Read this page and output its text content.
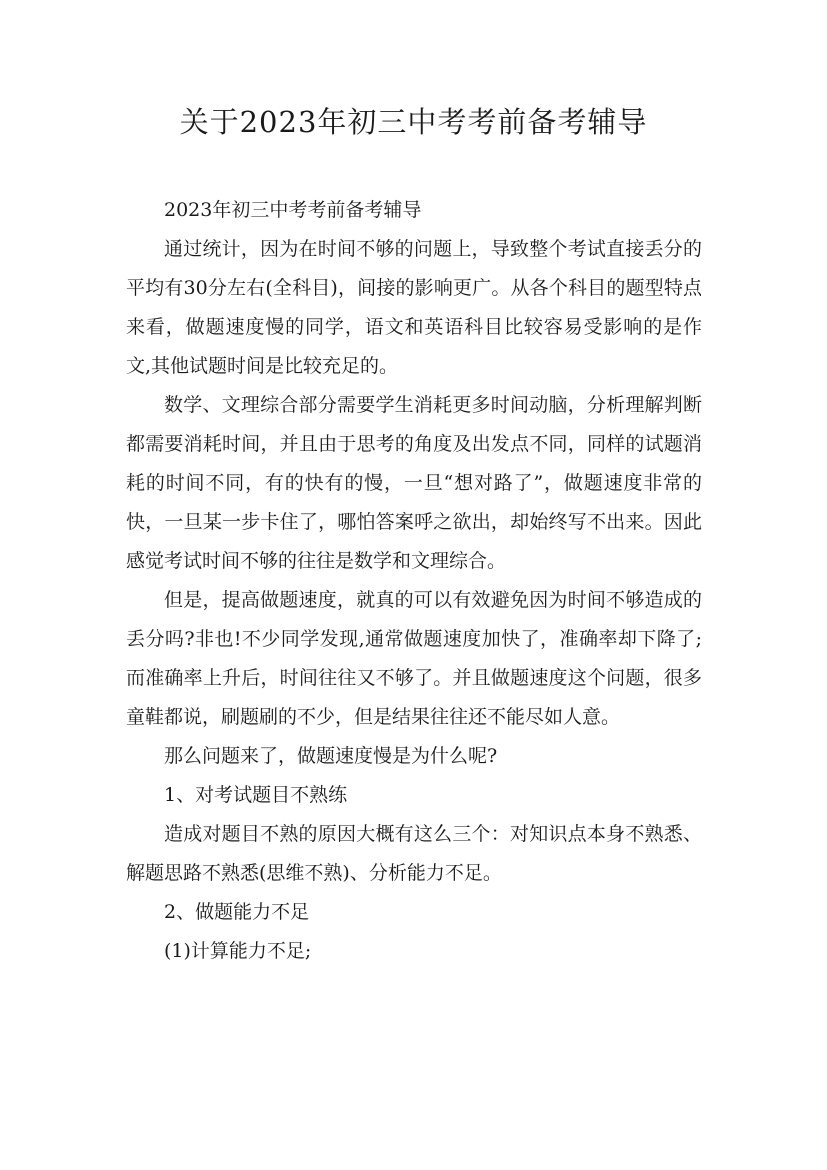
关于2023年初三中考考前备考辅导

2023年初三中考考前备考辅导

通过统计，因为在时间不够的问题上，导致整个考试直接丢分的平均有30分左右(全科目)，间接的影响更广。从各个科目的题型特点来看，做题速度慢的同学，语文和英语科目比较容易受影响的是作文,其他试题时间是比较充足的。

数学、文理综合部分需要学生消耗更多时间动脑，分析理解判断都需要消耗时间，并且由于思考的角度及出发点不同，同样的试题消耗的时间不同，有的快有的慢，一旦“想对路了”，做题速度非常的快，一旦某一步卡住了，哪怕答案呼之欲出，却始终写不出来。因此感觉考试时间不够的往往是数学和文理综合。

但是，提高做题速度，就真的可以有效避免因为时间不够造成的丢分吗?非也!不少同学发现,通常做题速度加快了，准确率却下降了;而准确率上升后，时间往往又不够了。并且做题速度这个问题，很多童鞋都说，刷题刷的不少，但是结果往往还不能尽如人意。

那么问题来了，做题速度慢是为什么呢?

1、对考试题目不熟练

造成对题目不熟的原因大概有这么三个：对知识点本身不熟悉、解题思路不熟悉(思维不熟)、分析能力不足。

2、做题能力不足

(1)计算能力不足;
